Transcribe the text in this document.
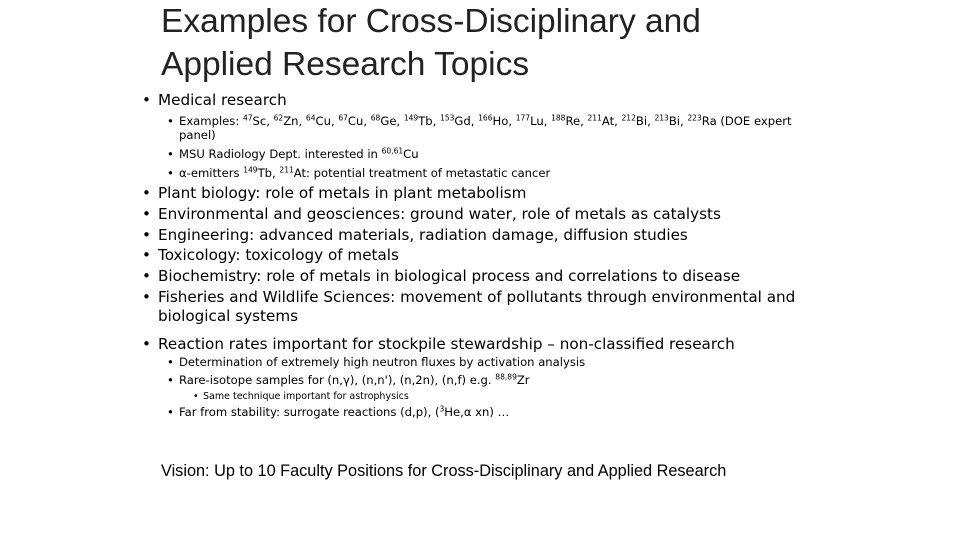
Examples for Cross-Disciplinary and
Applied Research Topics
• Medical research
• Examples: $^{47}$Sc, $^{62}$Zn, $^{64}$Cu, $^{67}$Cu, $^{68}$Ge, $^{149}$Tb, $^{153}$Gd, $^{166}$Ho, $^{177}$Lu, $^{188}$Re, $^{211}$At, $^{212}$Bi, $^{213}$Bi, $^{223}$Ra (DOE expert
panel)
• MSU Radiology Dept. interested in $^{60,61}$Cu
• α-emitters $^{149}$Tb, $^{211}$At: potential treatment of metastatic cancer
• Plant biology: role of metals in plant metabolism
• Environmental and geosciences: ground water, role of metals as catalysts
• Engineering: advanced materials, radiation damage, diffusion studies
• Toxicology: toxicology of metals
• Biochemistry: role of metals in biological process and correlations to disease
• Fisheries and Wildlife Sciences: movement of pollutants through environmental and
biological systems
• Reaction rates important for stockpile stewardship – non-classified research
• Determination of extremely high neutron fluxes by activation analysis
• Rare-isotope samples for (n,γ), (n,n'), (n,2n), (n,f) e.g. $^{88,89}$Zr
• Same technique important for astrophysics
• Far from stability: surrogate reactions (d,p), ($^3$He,α xn) …
Vision: Up to 10 Faculty Positions for Cross-Disciplinary and Applied Research
